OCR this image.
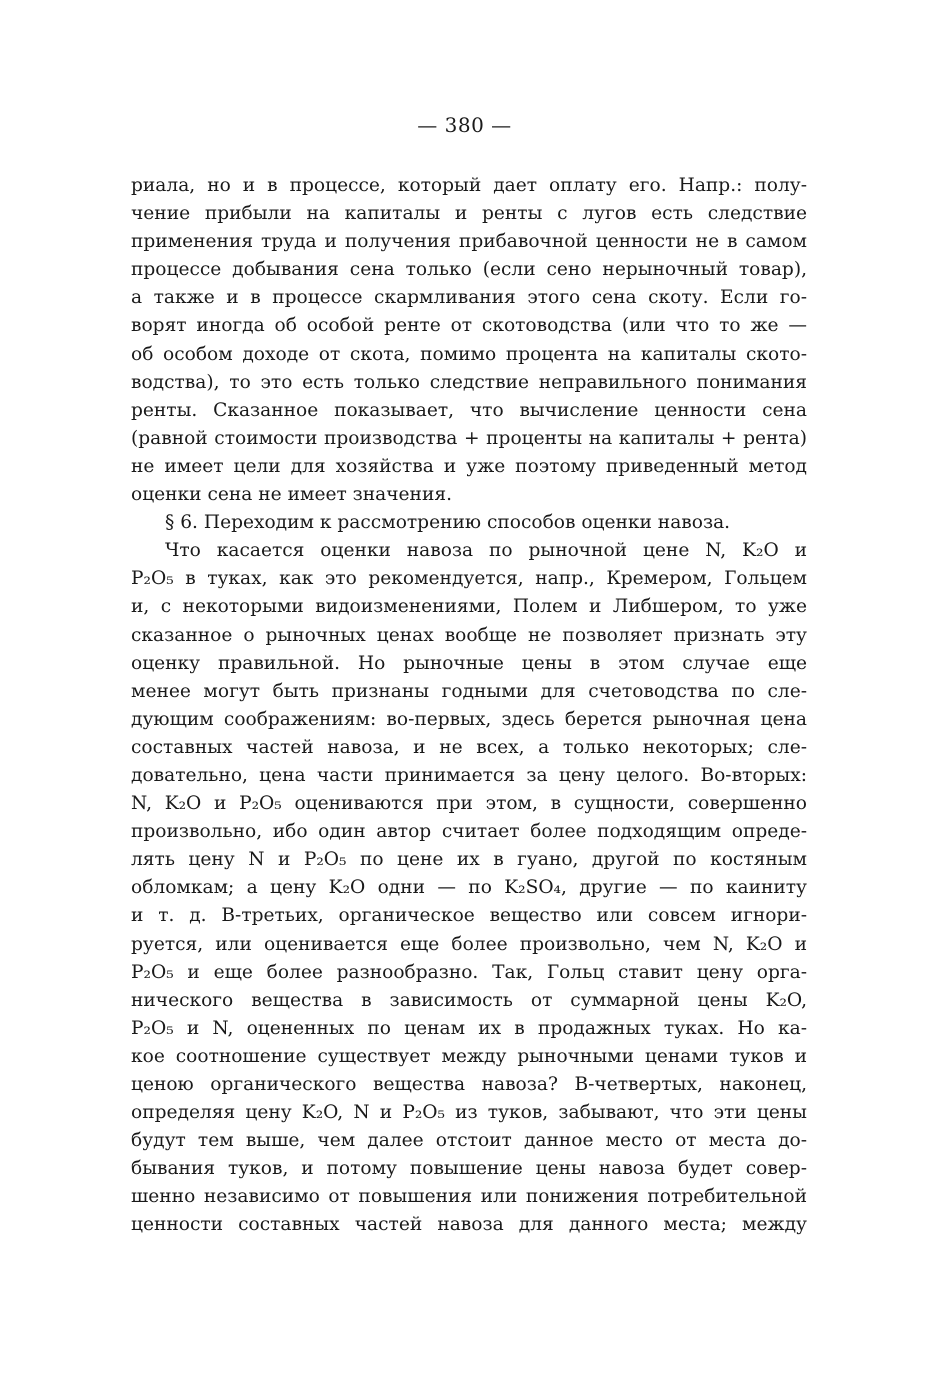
— 380 —
риала, но и в процессе, который дает оплату его. Напр.: полу-
чение прибыли на капиталы и ренты с лугов есть следствие
применения труда и получения прибавочной ценности не в самом
процессе добывания сена только (если сено нерыночный товар),
а также и в процессе скармливания этого сена скоту. Если го-
ворят иногда об особой ренте от скотоводства (или что то же —
об особом доходе от скота, помимо процента на капиталы ското-
водства), то это есть только следствие неправильного понимания
ренты. Сказанное показывает, что вычисление ценности сена
(равной стоимости производства + проценты на капиталы + рента)
не имеет цели для хозяйства и уже поэтому приведенный метод
оценки сена не имеет значения.
§ 6. Переходим к рассмотрению способов оценки навоза.
Что касается оценки навоза по рыночной цене N, K₂O и
P₂O₅ в туках, как это рекомендуется, напр., Кремером, Гольцем
и, с некоторыми видоизменениями, Полем и Либшером, то уже
сказанное о рыночных ценах вообще не позволяет признать эту
оценку правильной. Но рыночные цены в этом случае еще
менее могут быть признаны годными для счетоводства по сле-
дующим соображениям: во-первых, здесь берется рыночная цена
составных частей навоза, и не всех, а только некоторых; сле-
довательно, цена части принимается за цену целого. Во-вторых:
N, K₂O и P₂O₅ оцениваются при этом, в сущности, совершенно
произвольно, ибо один автор считает более подходящим опреде-
лять цену N и P₂O₅ по цене их в гуано, другой по костяным
обломкам; а цену K₂O одни — по K₂SO₄, другие — по каиниту
и т. д. В-третьих, органическое вещество или совсем игнори-
руется, или оценивается еще более произвольно, чем N, K₂O и
P₂O₅ и еще более разнообразно. Так, Гольц ставит цену орга-
нического вещества в зависимость от суммарной цены K₂O,
P₂O₅ и N, оцененных по ценам их в продажных туках. Но ка-
кое соотношение существует между рыночными ценами туков и
ценою органического вещества навоза? В-четвертых, наконец,
определяя цену K₂O, N и P₂O₅ из туков, забывают, что эти цены
будут тем выше, чем далее отстоит данное место от места до-
бывания туков, и потому повышение цены навоза будет совер-
шенно независимо от повышения или понижения потребительной
ценности составных частей навоза для данного места; между
